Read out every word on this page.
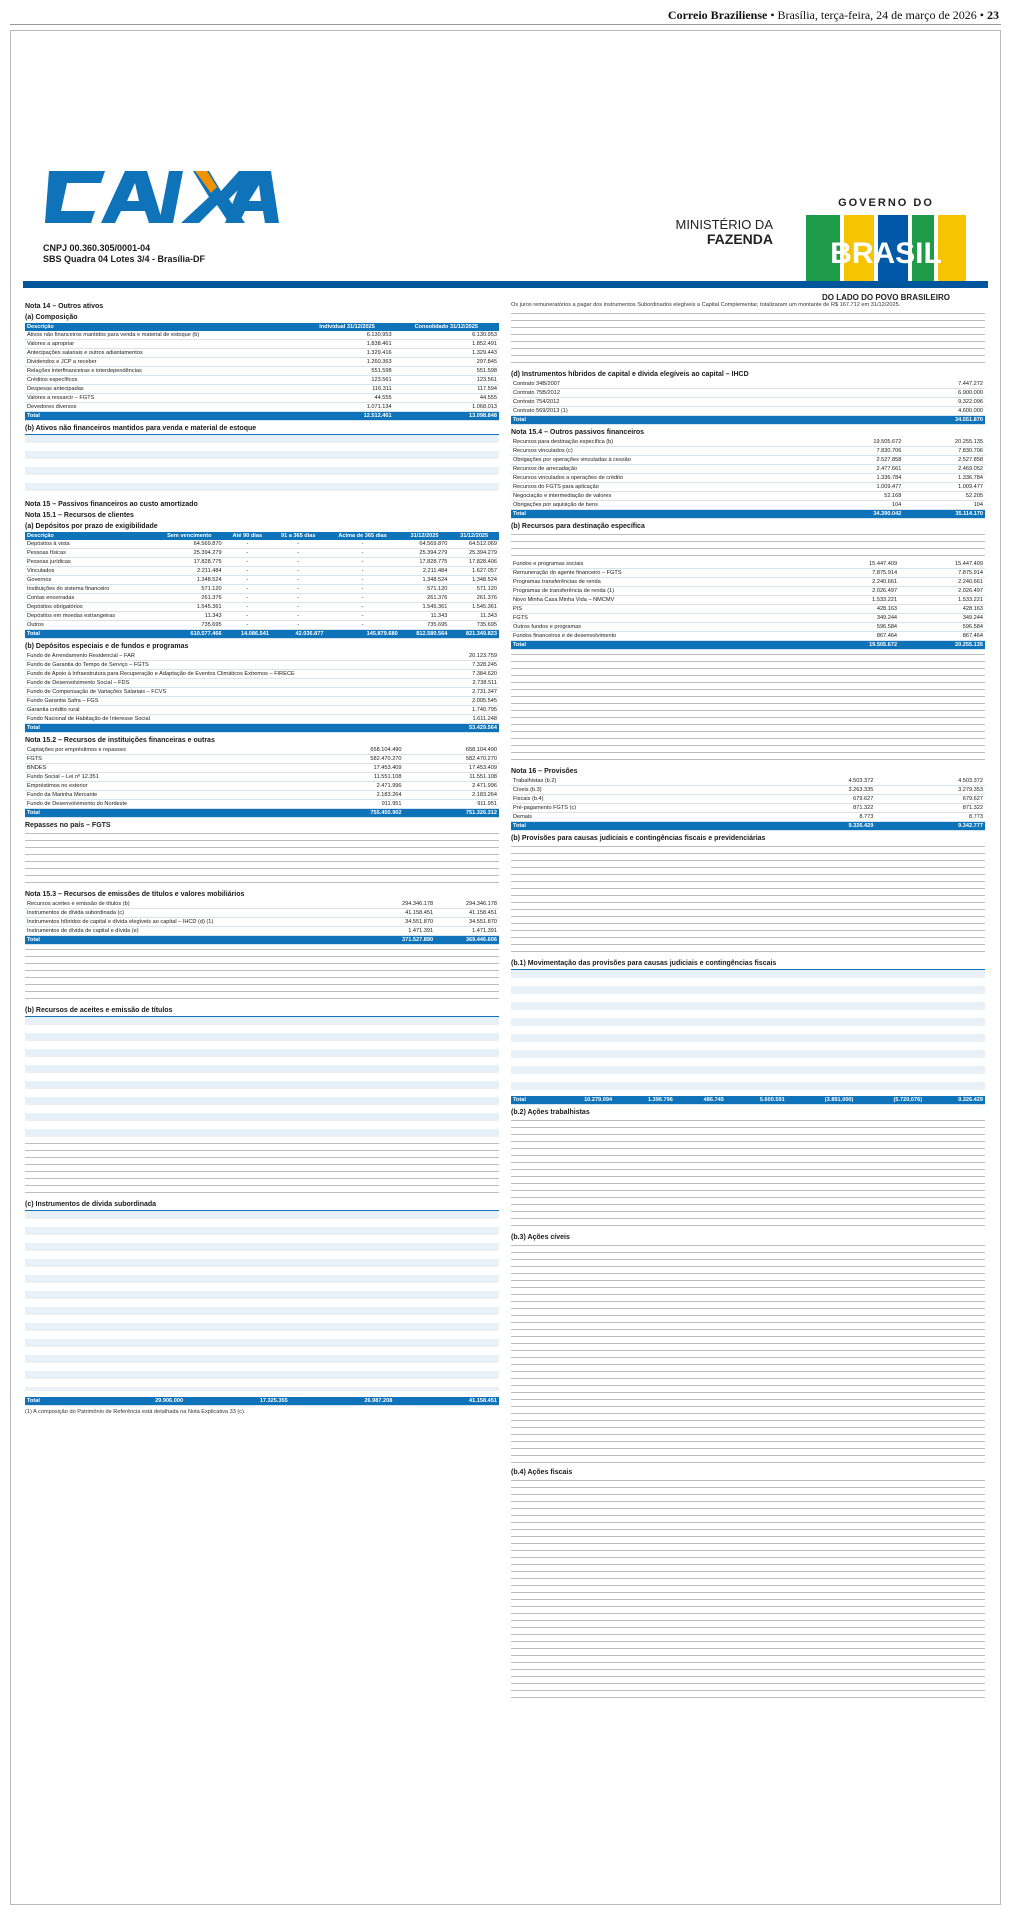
Correio Braziliense • Brasília, terça-feira, 24 de março de 2026 • 23
CNPJ 00.360.305/0001-04
SBS Quadra 04 Lotes 3/4 - Brasília-DF
MINISTÉRIO DA
FAZENDA
GOVERNO DO
BRASIL
DO LADO DO POVO BRASILEIRO
Nota 14 – Outros ativos
(a) Composição
Descrição	Individual 31/12/2025	Consolidado 31/12/2025
Ativos não financeiros mantidos para venda e material de estoque (b)	6.130.953	6.130.953
Valores a apropriar	1.838.461	1.852.491
Antecipações salariais e outros adiantamentos	1.329.416	1.329.443
Dividendos e JCP a receber	1.260.363	297.845
Relações interfinanceiras e interdependências	551.598	551.598
Créditos específicos	123.561	123.561
Despesas antecipadas	116.311	117.594
Valores a ressarcir – FGTS	44.555	44.555
Devedores diversos	1.071.134	1.068.013
Total	12.512.461	13.098.848
(b) Ativos não financeiros mantidos para venda e material de estoque
Nota 15 – Passivos financeiros ao custo amortizado
Nota 15.1 – Recursos de clientes
(a) Depósitos por prazo de exigibilidade
Descrição	Sem vencimento	Até 90 dias	91 a 365 dias	Acima de 365 dias	31/12/2025	31/12/2025
Depósitos à vista	64.569.870	-	-	-	64.569.870	64.512.069
Pessoas físicas	25.394.279	-	-	-	25.394.279	25.394.279
Pessoas jurídicas	17.828.775	-	-	-	17.828.775	17.828.406
Vinculados	2.211.484	-	-	-	2.211.484	1.627.057
Governos	1.348.524	-	-	-	1.348.524	1.348.524
Instituições do sistema financeiro	571.120	-	-	-	571.120	571.120
Contas encerradas	261.376	-	-	-	261.376	261.376
Depósitos obrigatórios	1.545.361	-	-	-	1.545.361	1.545.361
Depósitos em moedas estrangeiras	11.343	-	-	-	11.343	11.343
Outros	735.695	-	-	-	735.695	735.695
Total	610.577.466	14.086.541	42.036.877	145.879.680	812.580.564	821.349.823
(b) Depósitos especiais e de fundos e programas
Fundo de Arrendamento Residencial – FAR	20.123.759
Fundo de Garantia do Tempo de Serviço – FGTS	7.328.245
Fundo de Apoio à Infraestrutura para Recuperação e Adaptação de Eventos Climáticos Extremos – FIRECE	7.384.620
Fundo de Desenvolvimento Social – FDS	2.738.511
Fundo de Compensação de Variações Salariais – FCVS	2.731.347
Fundo Garantia Safra – FGS	2.005.545
Garantia crédito rural	1.740.795
Fundo Nacional de Habitação de Interesse Social	1.611.248
Total	53.429.564
Nota 15.2 – Recursos de instituições financeiras e outras
Captações por empréstimos e repasses	658.104.490	658.104.490
FGTS	582.470.270	582.470.270
BNDES	17.453.409	17.453.409
Fundo Social – Lei nº 12.351	11.551.108	11.551.108
Empréstimos no exterior	2.471.996	2.471.996
Fundo da Marinha Mercante	2.183.264	2.183.264
Fundo de Desenvolvimento do Nordeste	911.951	911.951
Total	755.450.902	751.326.312
Repasses no país – FGTS
Nota 15.3 – Recursos de emissões de títulos e valores mobiliários
Recursos aceites e emissão de títulos (b)	294.346.178	294.346.178
Instrumentos de dívida subordinada (c)	41.158.451	41.158.451
Instrumentos híbridos de capital e dívida elegíveis ao capital – IHCD (d) (1)	34.551.870	34.551.870
Instrumentos de dívida de capital e dívida (e)	1.471.391	1.471.391
Total	371.527.890	369.446.606
(b) Recursos de aceites e emissão de títulos
(c) Instrumentos de dívida subordinada
Total	29.906.000	17.325.355	26.987.208	41.158.451
(1) A composição do Patrimônio de Referência está detalhada na Nota Explicativa 33 (c).
Os juros remuneratórios a pagar dos instrumentos Subordinados elegíveis a Capital Complementar, totalizaram um montante de R$ 167.712 em 31/12/2025.
(d) Instrumentos híbridos de capital e dívida elegíveis ao capital – IHCD
Contrato 34B/2007	7.447.272
Contrato 75B/2012	6.900.000
Contrato 754/2012	9.322.096
Contrato 569/2013 (1)	4.600.000
Total	34.551.870
Nota 15.4 – Outros passivos financeiros
Recursos para destinação específica (b)	19.505.672	20.255.135
Recursos vinculados (c)	7.830.706	7.830.706
Obrigações por operações vinculadas à cessão	2.527.858	2.527.858
Recursos de arrecadação	2.477.661	2.469.052
Recursos vinculados a operações de crédito	1.336.784	1.336.784
Recursos do FGTS para aplicação	1.009.477	1.009.477
Negociação e intermediação de valores	52.168	52.205
Obrigações por aquisição de bens	104	104
Total	34.390.042	35.114.170
(b) Recursos para destinação específica
Fundos e programas sociais	15.447.409	15.447.409
Remuneração do agente financeiro – FGTS	7.875.914	7.875.914
Programas transferências de renda	2.240.661	2.240.661
Programas de transferência de renda (1)	2.026.497	2.026.497
Novo Minha Casa Minha Vida – NMCMV	1.533.221	1.533.221
PIS	428.163	428.163
FGTS	349.244	349.244
Outros fundos e programas	596.584	596.584
Fundos financeiros e de desenvolvimento	867.464	867.464
Total	19.505.672	20.255.135
Nota 16 – Provisões
Trabalhistas (b.2)	4.503.372	4.503.372
Cíveis (b.3)	3.263.335	3.279.353
Fiscais (b.4)	679.627	679.627
Pré-pagamento FGTS (c)	871.322	871.322
Demais	8.773	8.773
Total	9.326.429	9.342.777
(b) Provisões para causas judiciais e contingências fiscais e previdenciárias
(b.1) Movimentação das provisões para causas judiciais e contingências fiscais
Total	10.279.094	1.396.796	486.745	5.600.591	(3.891.000)	(5.720.076)	9.326.429
(b.2) Ações trabalhistas
(b.3) Ações cíveis
(b.4) Ações fiscais
